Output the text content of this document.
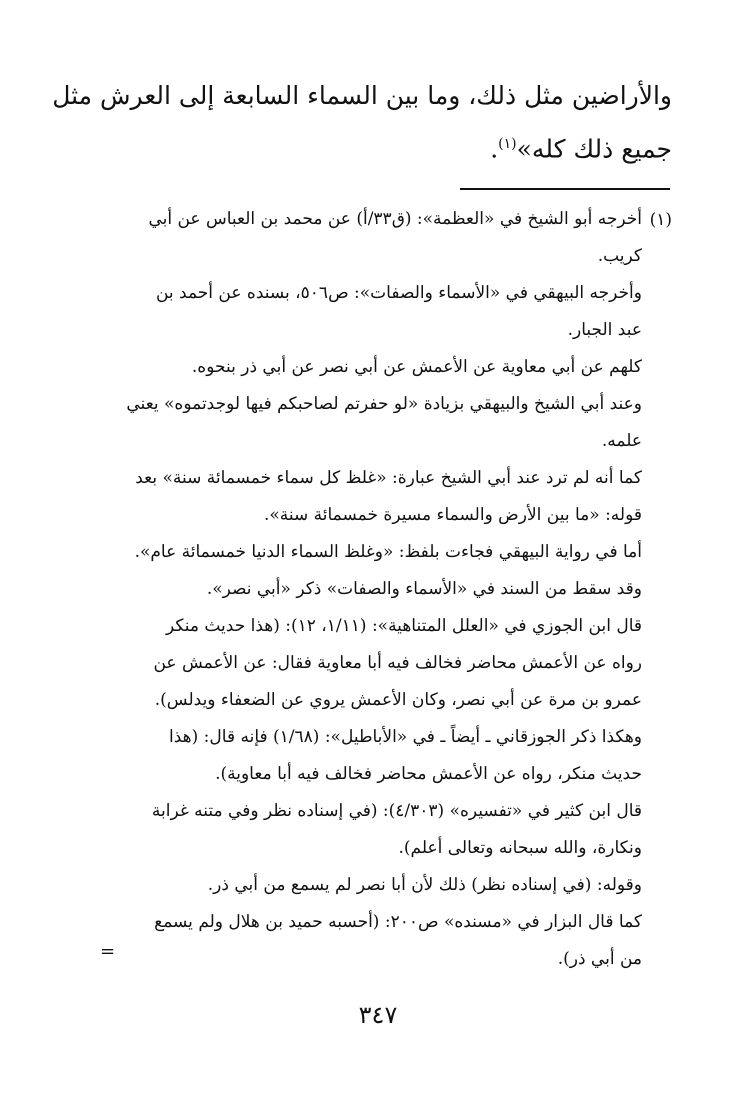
والأراضين مثل ذلك، وما بين السماء السابعة إلى العرش مثل
جميع ذلك كله»$^{(١)}$.
(١)
أخرجه أبو الشيخ في «العظمة»: (ق٣٣/أ) عن محمد بن العباس عن أبي
كريب.
وأخرجه البيهقي في «الأسماء والصفات»: ص٥٠٦، بسنده عن أحمد بن
عبد الجبار.
كلهم عن أبي معاوية عن الأعمش عن أبي نصر عن أبي ذر بنحوه.
وعند أبي الشيخ والبيهقي بزيادة «لو حفرتم لصاحبكم فيها لوجدتموه» يعني
علمه.
كما أنه لم ترد عند أبي الشيخ عبارة: «غلظ كل سماء خمسمائة سنة» بعد
قوله: «ما بين الأرض والسماء مسيرة خمسمائة سنة».
أما في رواية البيهقي فجاءت بلفظ: «وغلظ السماء الدنيا خمسمائة عام».
وقد سقط من السند في «الأسماء والصفات» ذكر «أبي نصر».
قال ابن الجوزي في «العلل المتناهية»: (١/١١، ١٢): (هذا حديث منكر
رواه عن الأعمش محاضر فخالف فيه أبا معاوية فقال: عن الأعمش عن
عمرو بن مرة عن أبي نصر، وكان الأعمش يروي عن الضعفاء ويدلس).
وهكذا ذكر الجوزقاني ـ أيضاً ـ في «الأباطيل»: (١/٦٨) فإنه قال: (هذا
حديث منكر، رواه عن الأعمش محاضر فخالف فيه أبا معاوية).
قال ابن كثير في «تفسيره» (٤/٣٠٣): (في إسناده نظر وفي متنه غرابة
ونكارة، والله سبحانه وتعالى أعلم).
وقوله: (في إسناده نظر) ذلك لأن أبا نصر لم يسمع من أبي ذر.
كما قال البزار في «مسنده» ص٢٠٠: (أحسبه حميد بن هلال ولم يسمع
من أبي ذر).
=
٣٤٧
